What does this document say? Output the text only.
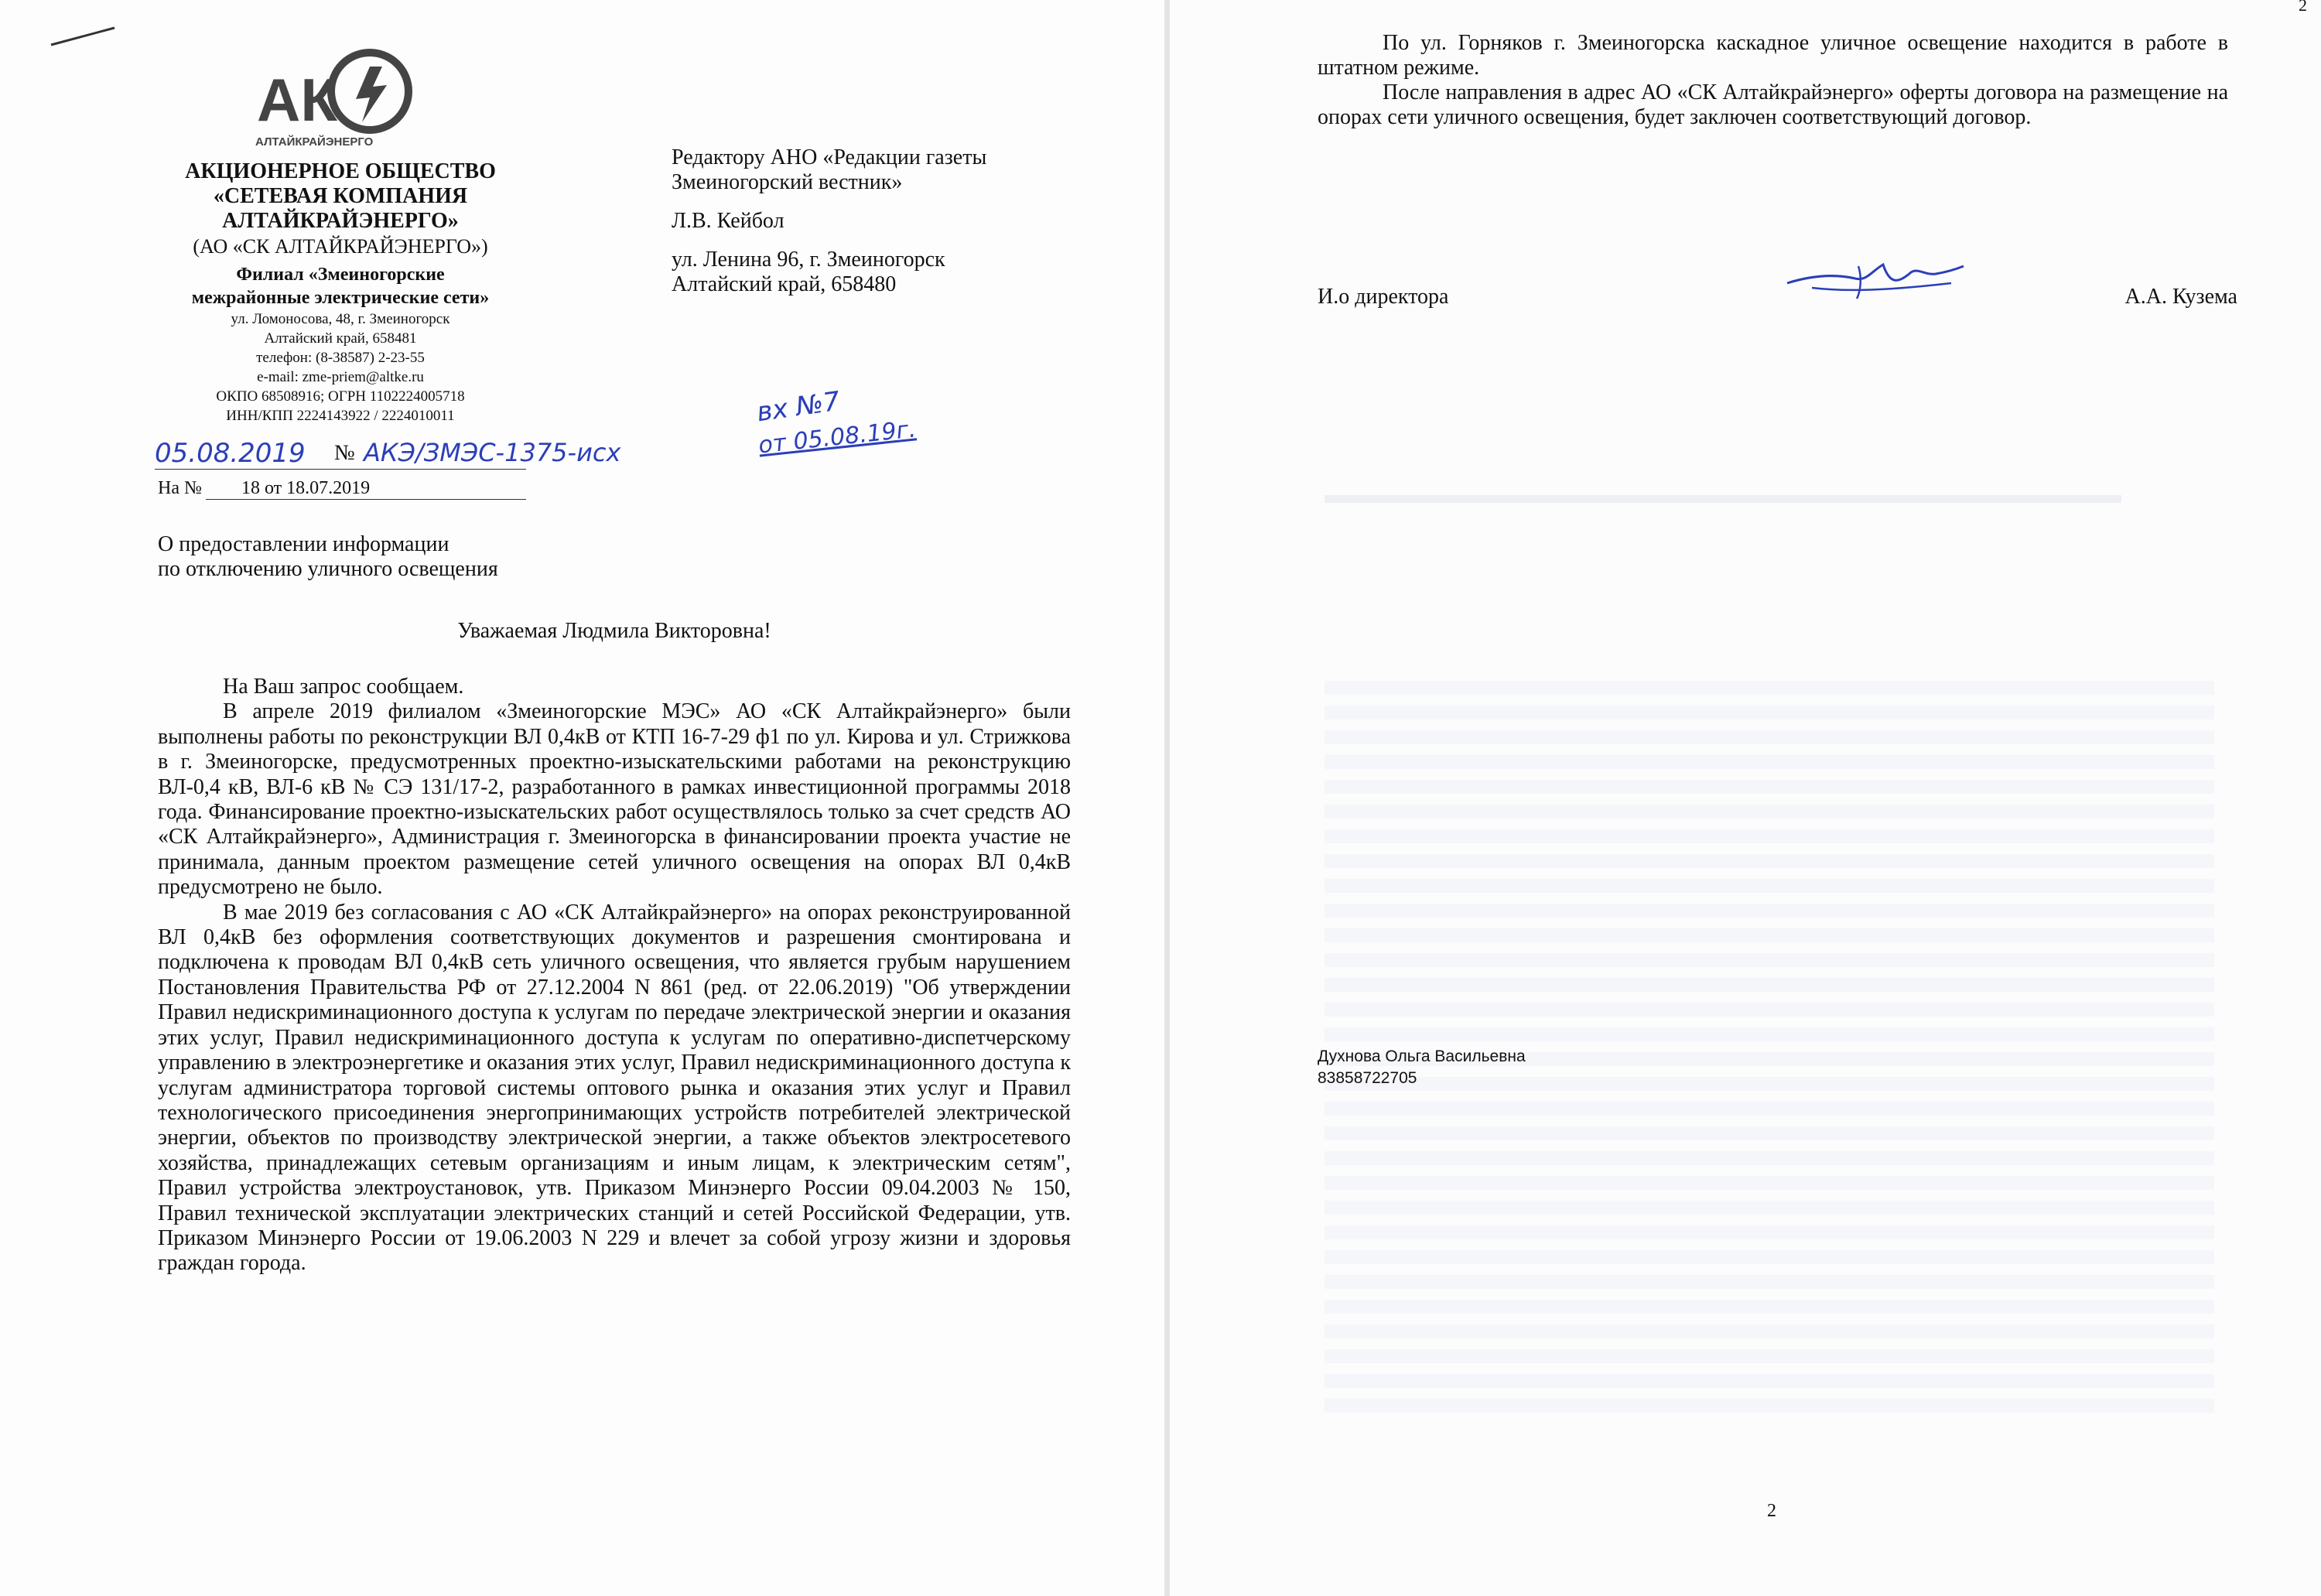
АК
АЛТАЙКРАЙЭНЕРГО
АКЦИОНЕРНОЕ ОБЩЕСТВО
«СЕТЕВАЯ КОМПАНИЯ
АЛТАЙКРАЙЭНЕРГО»
(АО «СК АЛТАЙКРАЙЭНЕРГО»)
Филиал «Змеиногорские
межрайонные электрические сети»
ул. Ломоносова, 48, г. Змеиногорск
Алтайский край, 658481
телефон: (8-38587) 2-23-55
e-mail: zme-priem@altke.ru
ОКПО 68508916; ОГРН 1102224005718
ИНН/КПП 2224143922 / 2224010011
Редактору АНО «Редакции газеты
Змеиногорский вестник»
Л.В. Кейбол
ул. Ленина 96, г. Змеиногорск
Алтайский край, 658480
05.08.2019 № АКЭ/ЗМЭС-1375-исх
вх №7
от 05.08.19г.
На №	18 от 18.07.2019
О предоставлении информации
по отключению уличного освещения
Уважаемая Людмила Викторовна!

На Ваш запрос сообщаем.

В апреле 2019 филиалом «Змеиногорские МЭС» АО «СК Алтайкрайэнерго» были выполнены работы по реконструкции ВЛ 0,4кВ от КТП 16-7-29 ф1 по ул. Кирова и ул. Стрижкова в г. Змеиногорске, предусмотренных проектно-изыскательскими работами на реконструкцию ВЛ-0,4 кВ, ВЛ-6 кВ № СЭ 131/17-2, разработанного в рамках инвестиционной программы 2018 года. Финансирование проектно-изыскательских работ осуществлялось только за счет средств АО «СК Алтайкрайэнерго», Администрация г. Змеиногорска в финансировании проекта участие не принимала, данным проектом размещение сетей уличного освещения на опорах ВЛ 0,4кВ предусмотрено не было.

В мае 2019 без согласования с АО «СК Алтайкрайэнерго» на опорах реконструированной ВЛ 0,4кВ без оформления соответствующих документов и разрешения смонтирована и подключена к проводам ВЛ 0,4кВ сеть уличного освещения, что является грубым нарушением Постановления Правительства РФ от 27.12.2004 N 861 (ред. от 22.06.2019) "Об утверждении Правил недискриминационного доступа к услугам по передаче электрической энергии и оказания этих услуг, Правил недискриминационного доступа к услугам по оперативно-диспетчерскому управлению в электроэнергетике и оказания этих услуг, Правил недискриминационного доступа к услугам администратора торговой системы оптового рынка и оказания этих услуг и Правил технологического присоединения энергопринимающих устройств потребителей электрической энергии, объектов по производству электрической энергии, а также объектов электросетевого хозяйства, принадлежащих сетевым организациям и иным лицам, к электрическим сетям", Правил устройства электроустановок, утв. Приказом Минэнерго России 09.04.2003 № 150, Правил технической эксплуатации электрических станций и сетей Российской Федерации, утв. Приказом Минэнерго России от 19.06.2003 N 229 и влечет за собой угрозу жизни и здоровья граждан города.

2

По ул. Горняков г. Змеиногорска каскадное уличное освещение находится в работе в штатном режиме.

После направления в адрес АО «СК Алтайкрайэнерго» оферты договора на размещение на опорах сети уличного освещения, будет заключен соответствующий договор.

И.о директора	А.А. Кузема
Духнова Ольга Васильевна
83858722705
2
